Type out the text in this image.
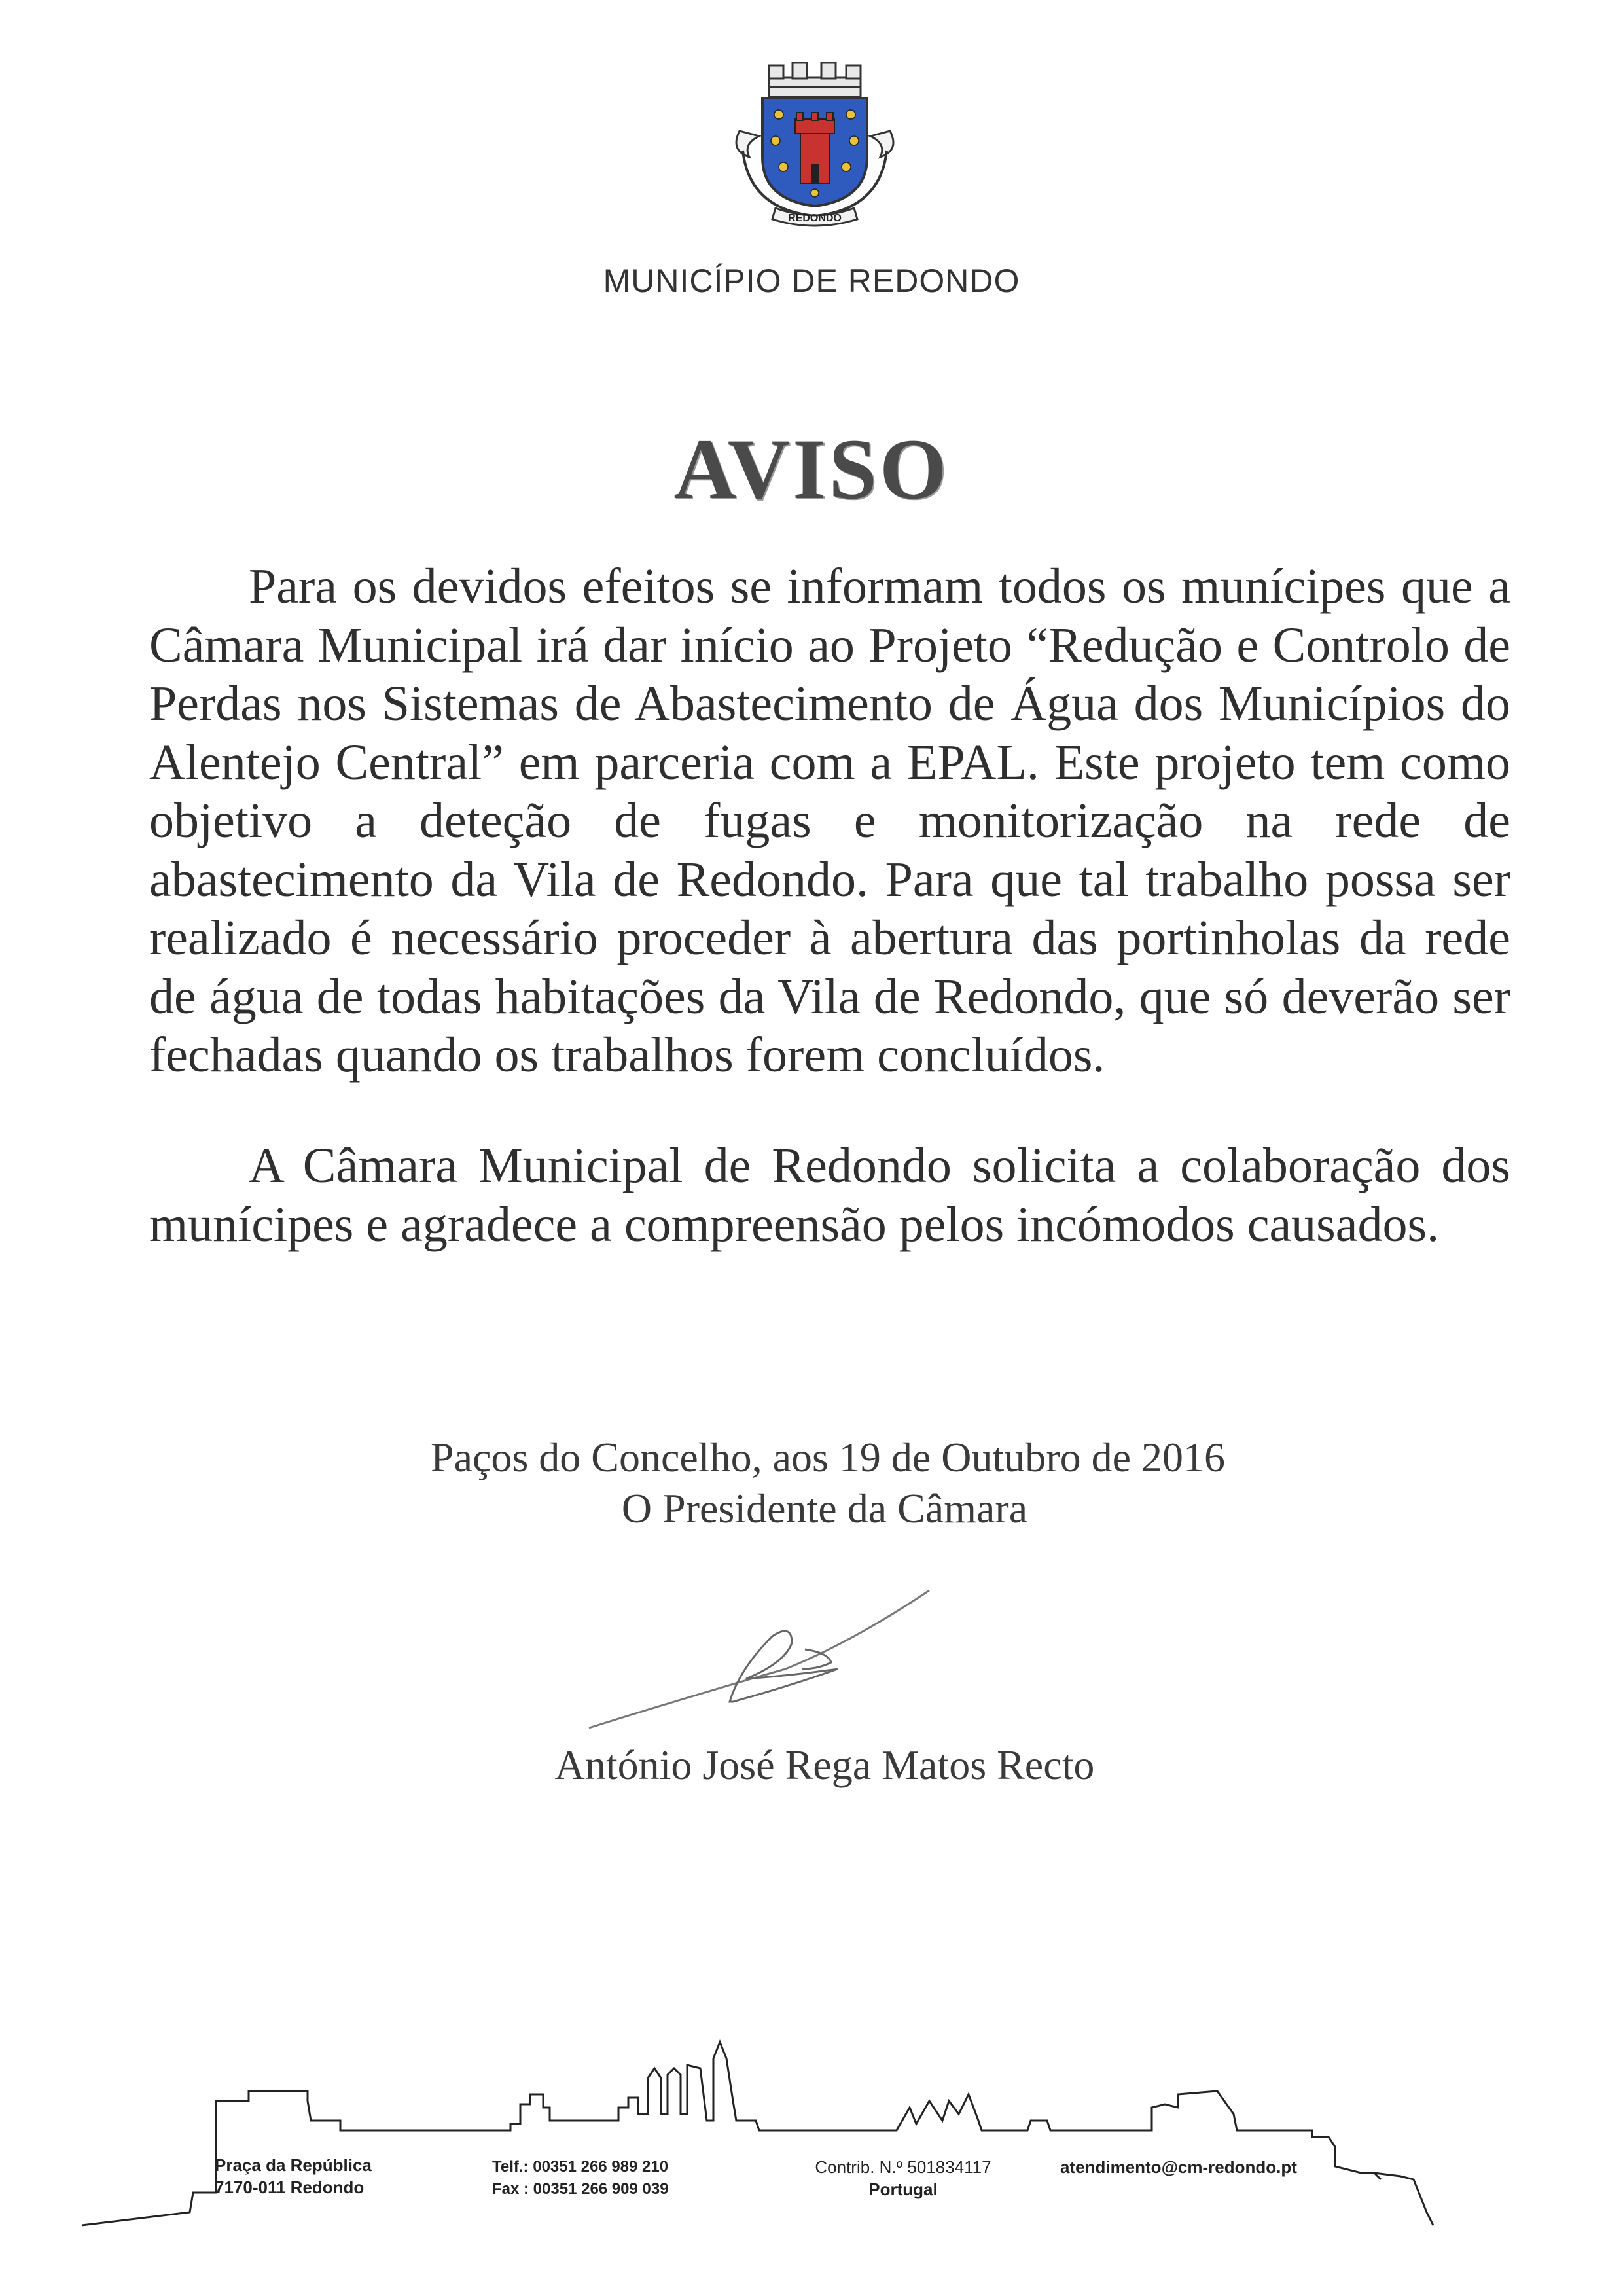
REDONDO
MUNICÍPIO DE REDONDO
AVISO

Para os devidos efeitos se informam todos os munícipes que a Câmara Municipal irá dar início ao Projeto “Redução e Controlo de Perdas nos Sistemas de Abastecimento de Água dos Municípios do Alentejo Central” em parceria com a EPAL. Este projeto tem como objetivo a deteção de fugas e monitorização na rede de abastecimento da Vila de Redondo. Para que tal trabalho possa ser realizado é necessário proceder à abertura das portinholas da rede de água de todas habitações da Vila de Redondo, que só deverão ser fechadas quando os trabalhos forem concluídos.

A Câmara Municipal de Redondo solicita a colaboração dos munícipes e agradece a compreensão pelos incómodos causados.

Paços do Concelho, aos 19 de Outubro de 2016

O Presidente da Câmara

António José Rega Matos Recto

Praça da República
7170-011 Redondo

Telf.: 00351 266 989 210
Fax : 00351 266 909 039

Contrib. N.º 501834117
Portugal

atendimento@cm-redondo.pt
